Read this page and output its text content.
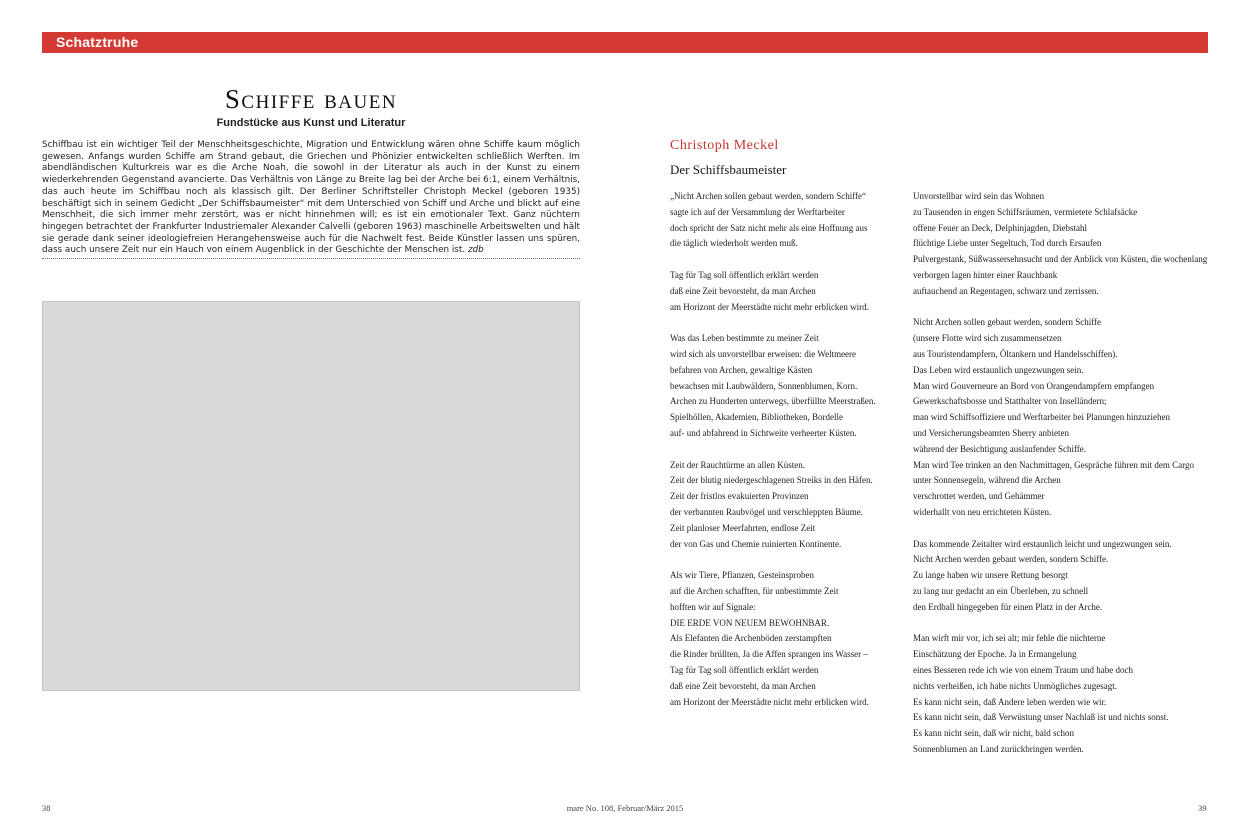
Schatztruhe
Schiffe bauen
Fundstücke aus Kunst und Literatur
Schiffbau ist ein wichtiger Teil der Menschheitsgeschichte, Migration und Entwicklung wären ohne Schiffe kaum möglich gewesen. Anfangs wurden Schiffe am Strand gebaut, die Griechen und Phönizier entwickelten schließlich Werften. Im abendländischen Kulturkreis war es die Arche Noah, die sowohl in der Literatur als auch in der Kunst zu einem wiederkehrenden Gegenstand avancierte. Das Verhältnis von Länge zu Breite lag bei der Arche bei 6:1, einem Verhältnis, das auch heute im Schiffbau noch als klassisch gilt. Der Berliner Schriftsteller Christoph Meckel (geboren 1935) beschäftigt sich in seinem Gedicht „Der Schiffsbaumeister“ mit dem Unterschied von Schiff und Arche und blickt auf eine Menschheit, die sich immer mehr zerstört, was er nicht hinnehmen will; es ist ein emotionaler Text. Ganz nüchtern hingegen betrachtet der Frankfurter Industriemaler Alexander Calvelli (geboren 1963) maschinelle Arbeitswelten und hält sie gerade dank seiner ideologiefreien Herangehensweise auch für die Nachwelt fest. Beide Künstler lassen uns spüren, dass auch unsere Zeit nur ein Hauch von einem Augenblick in der Geschichte der Menschen ist. zdb
Christoph Meckel
Der Schiffsbaumeister
„Nicht Archen sollen gebaut werden, sondern Schiffe“
sagte ich auf der Versammlung der Werftarbeiter
doch spricht der Satz nicht mehr als eine Hoffnung aus
die täglich wiederholt werden muß.
Tag für Tag soll öffentlich erklärt werden
daß eine Zeit bevorsteht, da man Archen
am Horizont der Meerstädte nicht mehr erblicken wird.
Was das Leben bestimmte zu meiner Zeit
wird sich als unvorstellbar erweisen: die Weltmeere
befahren von Archen, gewaltige Kästen
bewachsen mit Laubwäldern, Sonnenblumen, Korn.
Archen zu Hunderten unterwegs, überfüllte Meerstraßen.
Spielhöllen, Akademien, Bibliotheken, Bordelle
auf- und abfahrend in Sichtweite verheerter Küsten.
Zeit der Rauchtürme an allen Küsten.
Zeit der blutig niedergeschlagenen Streiks in den Häfen.
Zeit der fristlos evakuierten Provinzen
der verbannten Raubvögel und verschleppten Bäume.
Zeit planloser Meerfahrten, endlose Zeit
der von Gas und Chemie ruinierten Kontinente.
Als wir Tiere, Pflanzen, Gesteinsproben
auf die Archen schafften, für unbestimmte Zeit
hofften wir auf Signale:
DIE ERDE VON NEUEM BEWOHNBAR.
Als Elefanten die Archenböden zerstampften
die Rinder brüllten, Ja die Affen sprangen ins Wasser –
Tag für Tag soll öffentlich erklärt werden
daß eine Zeit bevorsteht, da man Archen
am Horizont der Meerstädte nicht mehr erblicken wird.
Unvorstellbar wird sein das Wohnen
zu Tausenden in engen Schiffsräumen, vermietete Schlafsäcke
offene Feuer an Deck, Delphinjagden, Diebstahl
flüchtige Liebe unter Segeltuch, Tod durch Ersaufen
Pulvergestank, Süßwassersehnsucht und der Anblick von Küsten, die wochenlang
verborgen lagen hinter einer Rauchbank
auftauchend an Regentagen, schwarz und zerrissen.
Nicht Archen sollen gebaut werden, sondern Schiffe
(unsere Flotte wird sich zusammensetzen
aus Touristendampfern, Öltankern und Handelsschiffen).
Das Leben wird erstaunlich ungezwungen sein.
Man wird Gouverneure an Bord von Orangendampfern empfangen
Gewerkschaftsbosse und Statthalter von Inselländern;
man wird Schiffsoffiziere und Werftarbeiter bei Planungen hinzuziehen
und Versicherungsbeamten Sherry anbieten
während der Besichtigung auslaufender Schiffe.
Man wird Tee trinken an den Nachmittagen, Gespräche führen mit dem Cargo
unter Sonnensegeln, während die Archen
verschrottet werden, und Gehämmer
widerhallt von neu errichteten Küsten.
Das kommende Zeitalter wird erstaunlich leicht und ungezwungen sein.
Nicht Archen werden gebaut werden, sondern Schiffe.
Zu lange haben wir unsere Rettung besorgt
zu lang nur gedacht an ein Überleben, zu schnell
den Erdball hingegeben für einen Platz in der Arche.
Man wirft mir vor, ich sei alt; mir fehle die nüchterne
Einschätzung der Epoche. Ja in Ermangelung
eines Besseren rede ich wie von einem Traum und habe doch
nichts verheißen, ich habe nichts Unmögliches zugesagt.
Es kann nicht sein, daß Andere leben werden wie wir.
Es kann nicht sein, daß Verwüstung unser Nachlaß ist und nichts sonst.
Es kann nicht sein, daß wir nicht, bald schon
Sonnenblumen an Land zurückbringen werden.
38	mare No. 108, Februar/März 2015	39
